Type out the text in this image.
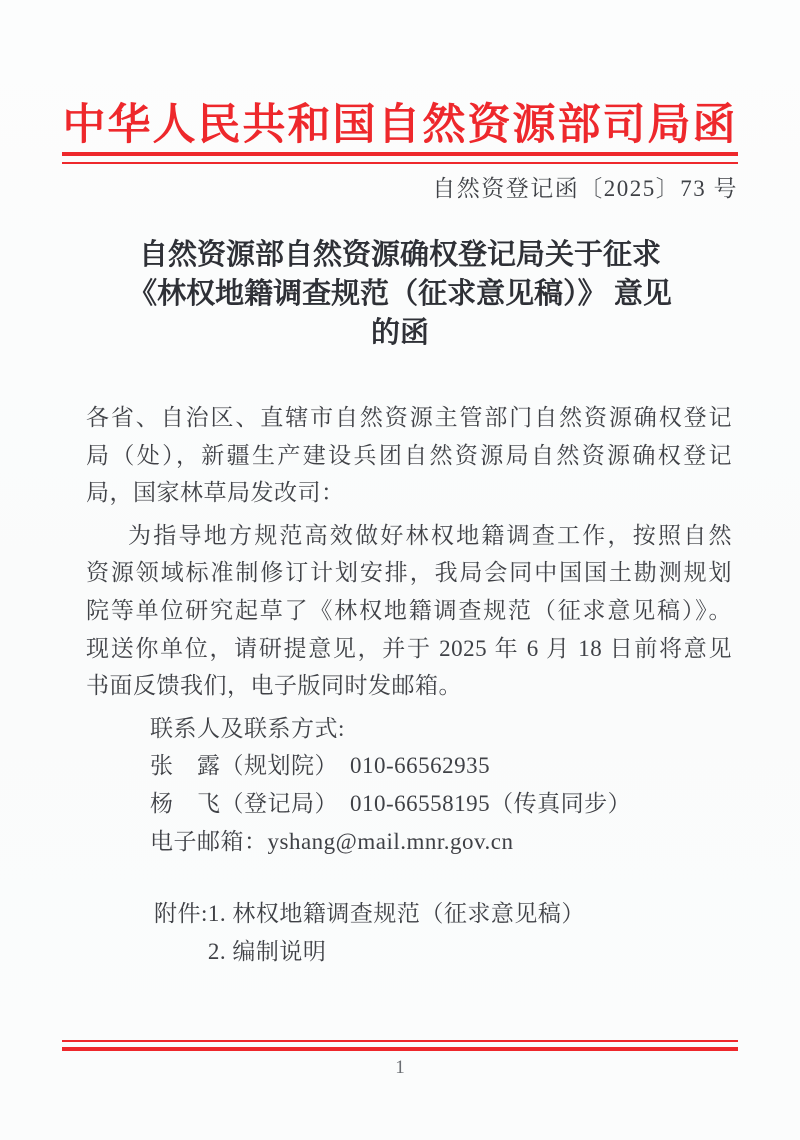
中华人民共和国自然资源部司局函
自然资登记函〔2025〕73 号
自然资源部自然资源确权登记局关于征求
《林权地籍调查规范（征求意见稿）》 意见
的函
各省、自治区、直辖市自然资源主管部门自然资源确权登记
局（处），新疆生产建设兵团自然资源局自然资源确权登记
局，国家林草局发改司：
为指导地方规范高效做好林权地籍调查工作，按照自然
资源领域标准制修订计划安排，我局会同中国国土勘测规划
院等单位研究起草了《林权地籍调查规范（征求意见稿）》。
现送你单位，请研提意见，并于 2025 年 6 月 18 日前将意见
书面反馈我们，电子版同时发邮箱。
联系人及联系方式:
张　露（规划院）　010-66562935
杨　飞（登记局）　010-66558195（传真同步）
电子邮箱：yshang@mail.mnr.gov.cn
附件: 1. 林权地籍调查规范（征求意见稿）
2. 编制说明
1
